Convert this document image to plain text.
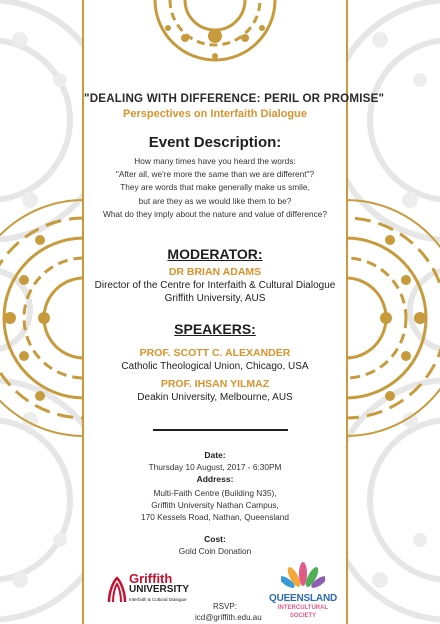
"DEALING WITH DIFFERENCE: PERIL OR PROMISE"
Perspectives on Interfaith Dialogue
Event Description:
How many times have you heard the words:
"After all, we're more the same than we are different"?
They are words that make generally make us smile,
but are they as we would like them to be?
What do they imply about the nature and value of difference?
MODERATOR:
DR BRIAN ADAMS
Director of the Centre for Interfaith & Cultural Dialogue
Griffith University, AUS
SPEAKERS:
PROF. SCOTT C. ALEXANDER
Catholic Theological Union, Chicago, USA
PROF. IHSAN YILMAZ
Deakin University, Melbourne, AUS
Date:
Thursday 10 August, 2017 - 6:30PM
Address:
Multi-Faith Centre (Building N35),
Griffith University Nathan Campus,
170 Kessels Road, Nathan, Queensland
Cost:
Gold Coin Donation
Griffith
UNIVERSITY
Interfaith & Cultural Dialogue
RSVP:
icd@griffith.edu.au
QUEENSLAND
INTERCULTURAL
SOCIETY
